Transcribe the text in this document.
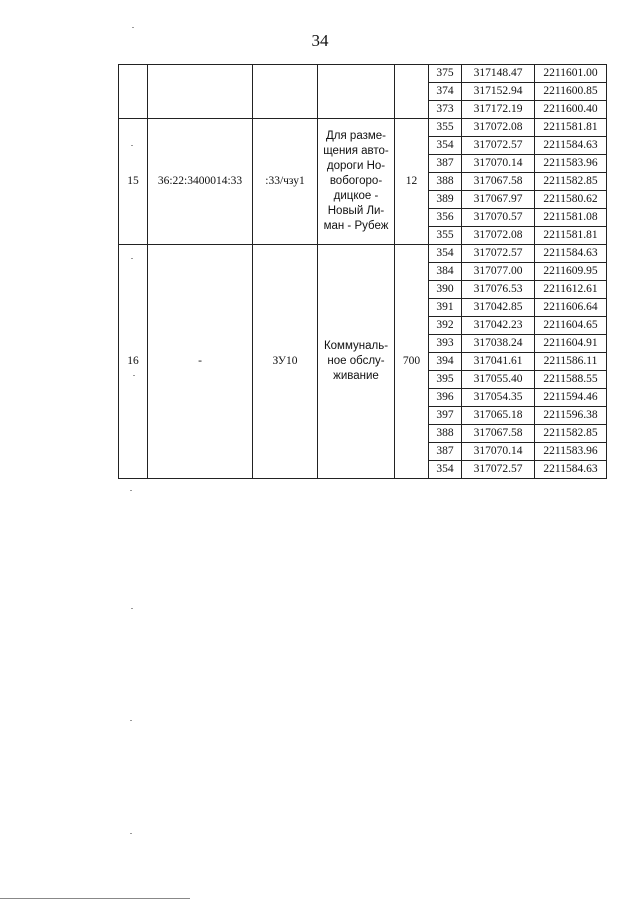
34
					375	317148.47	2211601.00
					374	317152.94	2211600.85
					373	317172.19	2211600.40
15	36:22:3400014:33	:33/чзу1	Для разме-щения авто-дороги Но-вобогоро-дицкое - Новый Ли-ман - Рубеж	12	355	317072.08	2211581.81
					354	317072.57	2211584.63
					387	317070.14	2211583.96
					388	317067.58	2211582.85
					389	317067.97	2211580.62
					356	317070.57	2211581.08
					355	317072.08	2211581.81
16	-	ЗУ10	Коммуналь-ное обслу-живание	700	354	317072.57	2211584.63
					384	317077.00	2211609.95
					390	317076.53	2211612.61
					391	317042.85	2211606.64
					392	317042.23	2211604.65
					393	317038.24	2211604.91
					394	317041.61	2211586.11
					395	317055.40	2211588.55
					396	317054.35	2211594.46
					397	317065.18	2211596.38
					388	317067.58	2211582.85
					387	317070.14	2211583.96
					354	317072.57	2211584.63
